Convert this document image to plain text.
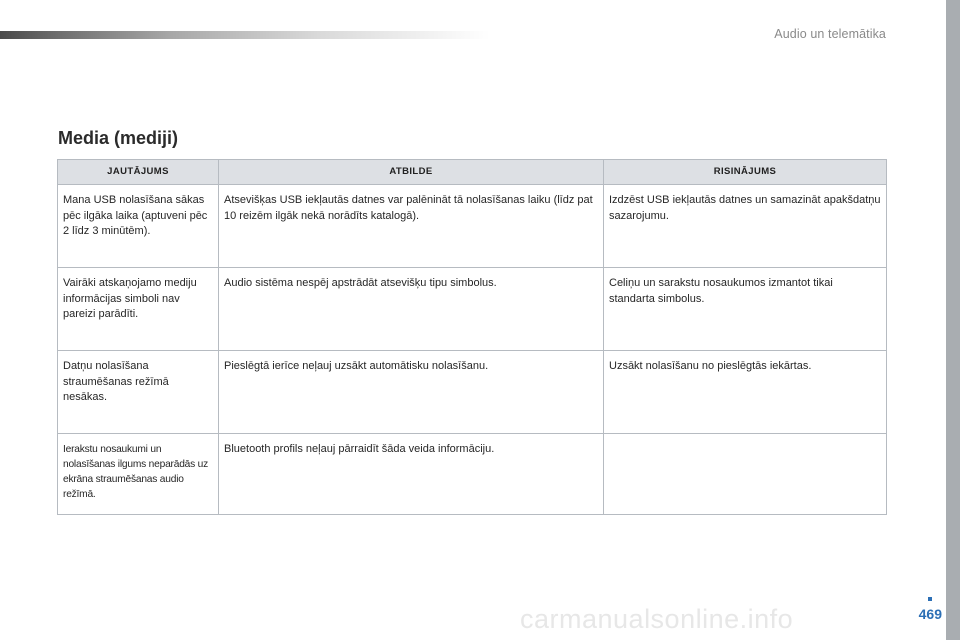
Audio un telemātika
Media (mediji)
JAUTĀJUMS	ATBILDE	RISINĀJUMS
Mana USB nolasīšana sākas pēc ilgāka laika (aptuveni pēc 2 līdz 3 minūtēm).	Atsevišķas USB iekļautās datnes var palēnināt tā nolasīšanas laiku (līdz pat 10 reizēm ilgāk nekā norādīts katalogā).	Izdzēst USB iekļautās datnes un samazināt apakšdatņu sazarojumu.
Vairāki atskaņojamo mediju informācijas simboli nav pareizi parādīti.	Audio sistēma nespēj apstrādāt atsevišķu tipu simbolus.	Celiņu un sarakstu nosaukumos izmantot tikai standarta simbolus.
Datņu nolasīšana straumēšanas režīmā nesākas.	Pieslēgtā ierīce neļauj uzsākt automātisku nolasīšanu.	Uzsākt nolasīšanu no pieslēgtās iekārtas.
Ierakstu nosaukumi un nolasīšanas ilgums neparādās uz ekrāna straumēšanas audio režīmā.	Bluetooth profils neļauj pārraidīt šāda veida informāciju.	
469
carmanualsonline.info
